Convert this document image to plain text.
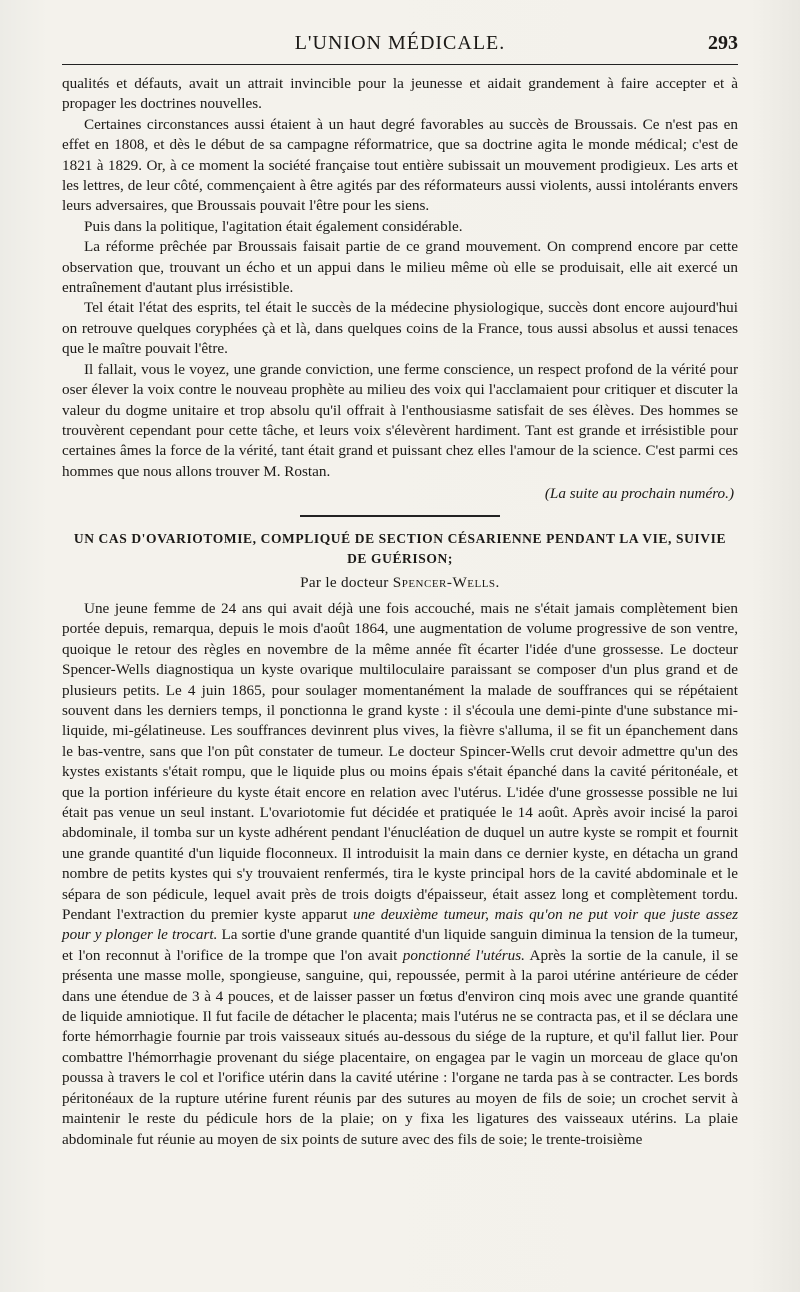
L'UNION MÉDICALE.	293

qualités et défauts, avait un attrait invincible pour la jeunesse et aidait grandement à faire accepter et à propager les doctrines nouvelles.

Certaines circonstances aussi étaient à un haut degré favorables au succès de Broussais. Ce n'est pas en effet en 1808, et dès le début de sa campagne réformatrice, que sa doctrine agita le monde médical; c'est de 1821 à 1829. Or, à ce moment la société française tout entière subissait un mouvement prodigieux. Les arts et les lettres, de leur côté, commençaient à être agités par des réformateurs aussi violents, aussi intolérants envers leurs adversaires, que Broussais pouvait l'être pour les siens.

Puis dans la politique, l'agitation était également considérable.

La réforme prêchée par Broussais faisait partie de ce grand mouvement. On comprend encore par cette observation que, trouvant un écho et un appui dans le milieu même où elle se produisait, elle ait exercé un entraînement d'autant plus irrésistible.

Tel était l'état des esprits, tel était le succès de la médecine physiologique, succès dont encore aujourd'hui on retrouve quelques coryphées çà et là, dans quelques coins de la France, tous aussi absolus et aussi tenaces que le maître pouvait l'être.

Il fallait, vous le voyez, une grande conviction, une ferme conscience, un respect profond de la vérité pour oser élever la voix contre le nouveau prophète au milieu des voix qui l'acclamaient pour critiquer et discuter la valeur du dogme unitaire et trop absolu qu'il offrait à l'enthousiasme satisfait de ses élèves. Des hommes se trouvèrent cependant pour cette tâche, et leurs voix s'élevèrent hardiment. Tant est grande et irrésistible pour certaines âmes la force de la vérité, tant était grand et puissant chez elles l'amour de la science. C'est parmi ces hommes que nous allons trouver M. Rostan.

(La suite au prochain numéro.)
UN CAS D'OVARIOTOMIE, COMPLIQUÉ DE SECTION CÉSARIENNE PENDANT LA VIE, SUIVIE
DE GUÉRISON;
Par le docteur Spencer-Wells.

Une jeune femme de 24 ans qui avait déjà une fois accouché, mais ne s'était jamais complètement bien portée depuis, remarqua, depuis le mois d'août 1864, une augmentation de volume progressive de son ventre, quoique le retour des règles en novembre de la même année fît écarter l'idée d'une grossesse. Le docteur Spencer-Wells diagnostiqua un kyste ovarique multiloculaire paraissant se composer d'un plus grand et de plusieurs petits. Le 4 juin 1865, pour soulager momentanément la malade de souffrances qui se répétaient souvent dans les derniers temps, il ponctionna le grand kyste : il s'écoula une demi-pinte d'une substance mi-liquide, mi-gélatineuse. Les souffrances devinrent plus vives, la fièvre s'alluma, il se fit un épanchement dans le bas-ventre, sans que l'on pût constater de tumeur. Le docteur Spincer-Wells crut devoir admettre qu'un des kystes existants s'était rompu, que le liquide plus ou moins épais s'était épanché dans la cavité péritonéale, et que la portion inférieure du kyste était encore en relation avec l'utérus. L'idée d'une grossesse possible ne lui était pas venue un seul instant. L'ovariotomie fut décidée et pratiquée le 14 août. Après avoir incisé la paroi abdominale, il tomba sur un kyste adhérent pendant l'énucléation de duquel un autre kyste se rompit et fournit une grande quantité d'un liquide floconneux. Il introduisit la main dans ce dernier kyste, en détacha un grand nombre de petits kystes qui s'y trouvaient renfermés, tira le kyste principal hors de la cavité abdominale et le sépara de son pédicule, lequel avait près de trois doigts d'épaisseur, était assez long et complètement tordu. Pendant l'extraction du premier kyste apparut une deuxième tumeur, mais qu'on ne put voir que juste assez pour y plonger le trocart. La sortie d'une grande quantité d'un liquide sanguin diminua la tension de la tumeur, et l'on reconnut à l'orifice de la trompe que l'on avait ponctionné l'utérus. Après la sortie de la canule, il se présenta une masse molle, spongieuse, sanguine, qui, repoussée, permit à la paroi utérine antérieure de céder dans une étendue de 3 à 4 pouces, et de laisser passer un fœtus d'environ cinq mois avec une grande quantité de liquide amniotique. Il fut facile de détacher le placenta; mais l'utérus ne se contracta pas, et il se déclara une forte hémorrhagie fournie par trois vaisseaux situés au-dessous du siége de la rupture, et qu'il fallut lier. Pour combattre l'hémorrhagie provenant du siége placentaire, on engagea par le vagin un morceau de glace qu'on poussa à travers le col et l'orifice utérin dans la cavité utérine : l'organe ne tarda pas à se contracter. Les bords péritonéaux de la rupture utérine furent réunis par des sutures au moyen de fils de soie; un crochet servit à maintenir le reste du pédicule hors de la plaie; on y fixa les ligatures des vaisseaux utérins. La plaie abdominale fut réunie au moyen de six points de suture avec des fils de soie; le trente-troisième
